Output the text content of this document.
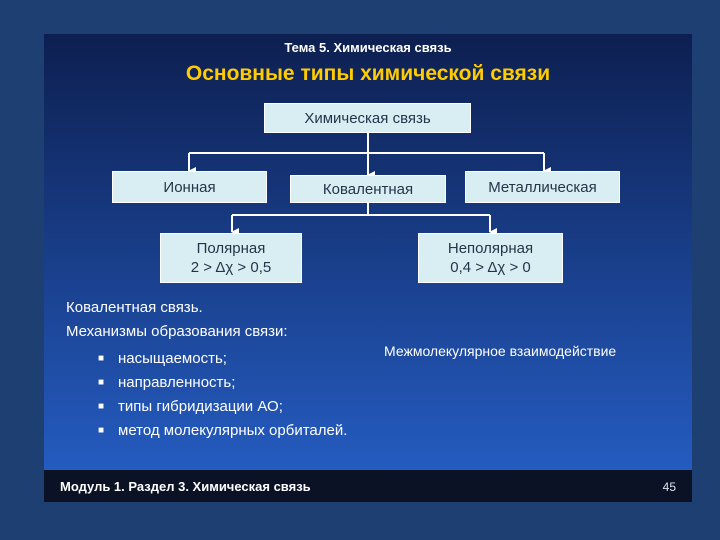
Тема 5. Химическая связь
Основные типы химической связи
Химическая связь
Ионная	Ковалентная	Металлическая
Полярная
2 > Δχ > 0,5
Неполярная
0,4 > Δχ > 0
Ковалентная связь.
Механизмы образования связи:
■ насыщаемость;
■ направленность;
■ типы гибридизации АО;
■ метод молекулярных орбиталей.
Межмолекулярное взаимодействие
Модуль 1. Раздел 3. Химическая связь	45
